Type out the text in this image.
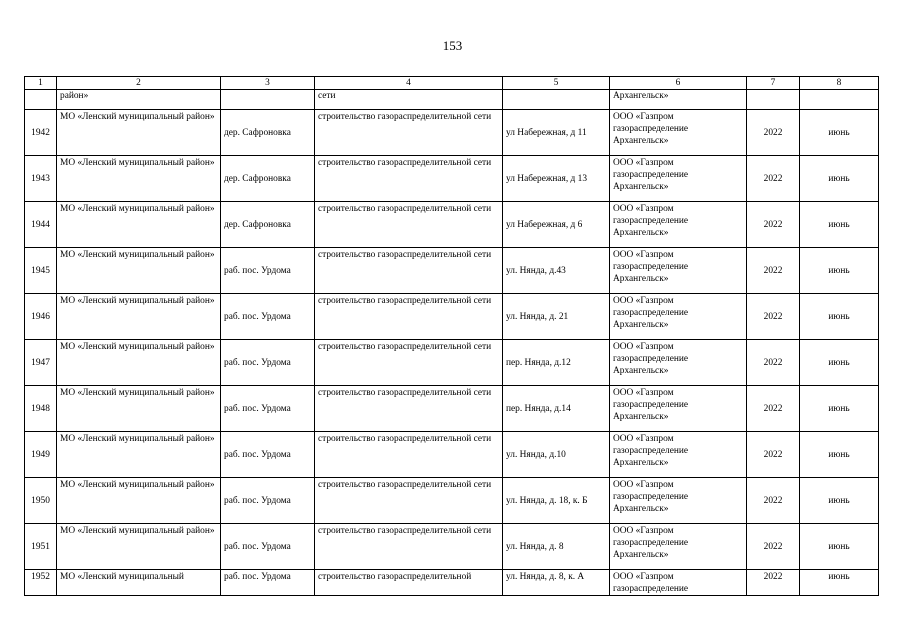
153
1	2	3	4	5	6	7	8
	район»		сети		Архангельск»		
1942	МО «Ленский муниципальный район»	дер. Сафроновка	строительство газораспределительной сети	ул Набережная, д 11	ООО «Газпром газораспределение Архангельск»	2022	июнь
1943	МО «Ленский муниципальный район»	дер. Сафроновка	строительство газораспределительной сети	ул Набережная, д 13	ООО «Газпром газораспределение Архангельск»	2022	июнь
1944	МО «Ленский муниципальный район»	дер. Сафроновка	строительство газораспределительной сети	ул Набережная, д 6	ООО «Газпром газораспределение Архангельск»	2022	июнь
1945	МО «Ленский муниципальный район»	раб. пос. Урдома	строительство газораспределительной сети	ул. Нянда, д.43	ООО «Газпром газораспределение Архангельск»	2022	июнь
1946	МО «Ленский муниципальный район»	раб. пос. Урдома	строительство газораспределительной сети	ул. Нянда, д. 21	ООО «Газпром газораспределение Архангельск»	2022	июнь
1947	МО «Ленский муниципальный район»	раб. пос. Урдома	строительство газораспределительной сети	пер. Нянда, д.12	ООО «Газпром газораспределение Архангельск»	2022	июнь
1948	МО «Ленский муниципальный район»	раб. пос. Урдома	строительство газораспределительной сети	пер. Нянда, д.14	ООО «Газпром газораспределение Архангельск»	2022	июнь
1949	МО «Ленский муниципальный район»	раб. пос. Урдома	строительство газораспределительной сети	ул. Нянда, д.10	ООО «Газпром газораспределение Архангельск»	2022	июнь
1950	МО «Ленский муниципальный район»	раб. пос. Урдома	строительство газораспределительной сети	ул. Нянда, д. 18, к. Б	ООО «Газпром газораспределение Архангельск»	2022	июнь
1951	МО «Ленский муниципальный район»	раб. пос. Урдома	строительство газораспределительной сети	ул. Нянда, д. 8	ООО «Газпром газораспределение Архангельск»	2022	июнь
1952	МО «Ленский муниципальный	раб. пос. Урдома	строительство газораспределительной	ул. Нянда, д. 8, к. А	ООО «Газпром газораспределение	2022	июнь
